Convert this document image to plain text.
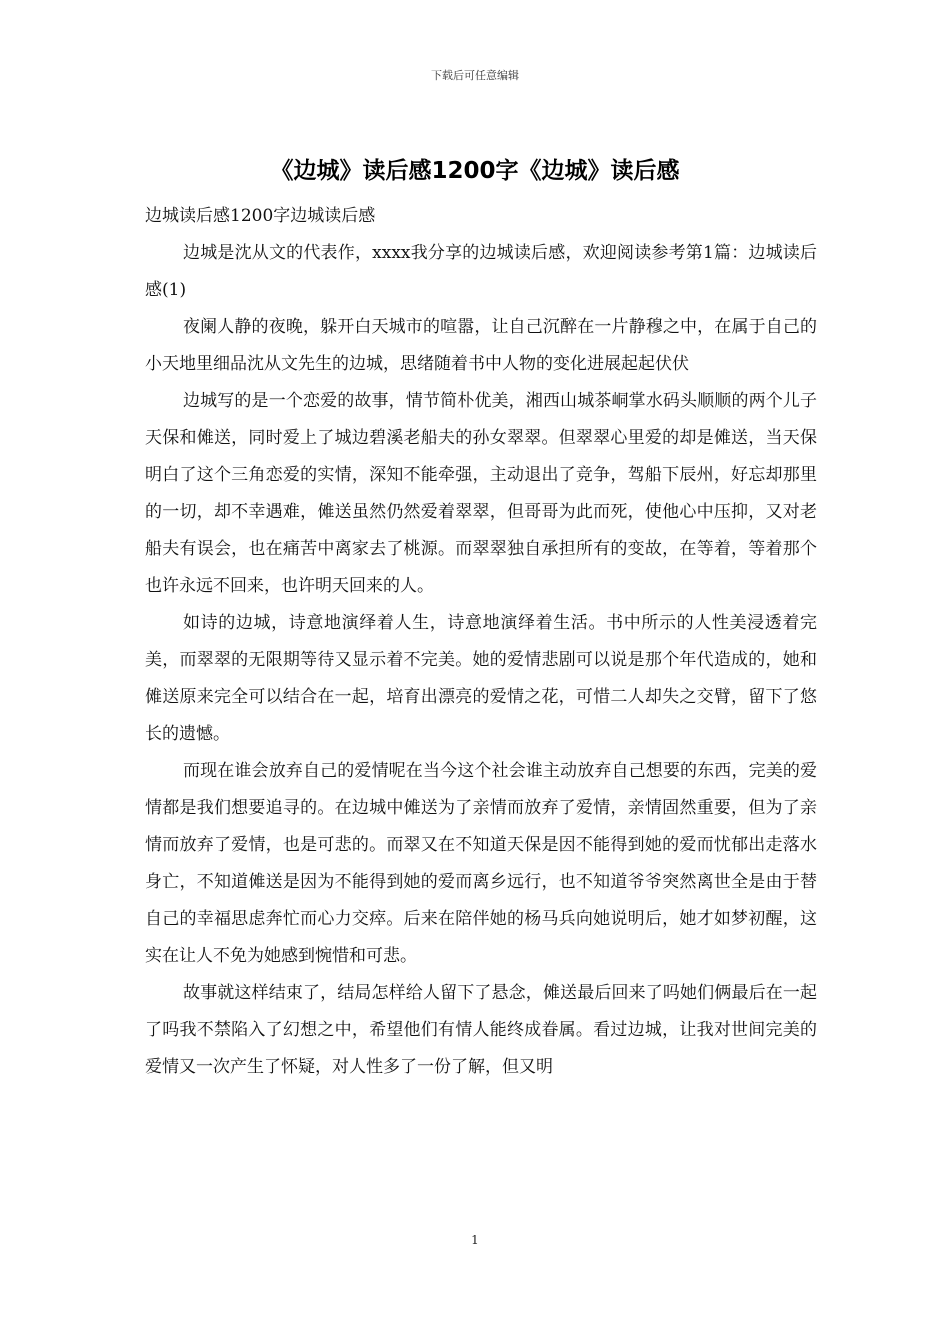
下载后可任意编辑
《边城》读后感1200字《边城》读后感

边城读后感1200字边城读后感

边城是沈从文的代表作，xxxx我分享的边城读后感，欢迎阅读参考第1篇：边城读后感(1)

夜阑人静的夜晚，躲开白天城市的喧嚣，让自己沉醉在一片静穆之中，在属于自己的小天地里细品沈从文先生的边城，思绪随着书中人物的变化进展起起伏伏

边城写的是一个恋爱的故事，情节简朴优美，湘西山城茶峒掌水码头顺顺的两个儿子天保和傩送，同时爱上了城边碧溪老船夫的孙女翠翠。但翠翠心里爱的却是傩送，当天保明白了这个三角恋爱的实情，深知不能牵强，主动退出了竞争，驾船下辰州，好忘却那里的一切，却不幸遇难，傩送虽然仍然爱着翠翠，但哥哥为此而死，使他心中压抑，又对老船夫有误会，也在痛苦中离家去了桃源。而翠翠独自承担所有的变故，在等着，等着那个也许永远不回来，也许明天回来的人。

如诗的边城，诗意地演绎着人生，诗意地演绎着生活。书中所示的人性美浸透着完美，而翠翠的无限期等待又显示着不完美。她的爱情悲剧可以说是那个年代造成的，她和傩送原来完全可以结合在一起，培育出漂亮的爱情之花，可惜二人却失之交臂，留下了悠长的遗憾。

而现在谁会放弃自己的爱情呢在当今这个社会谁主动放弃自己想要的东西，完美的爱情都是我们想要追寻的。在边城中傩送为了亲情而放弃了爱情，亲情固然重要，但为了亲情而放弃了爱情，也是可悲的。而翠又在不知道天保是因不能得到她的爱而忧郁出走落水身亡，不知道傩送是因为不能得到她的爱而离乡远行，也不知道爷爷突然离世全是由于替自己的幸福思虑奔忙而心力交瘁。后来在陪伴她的杨马兵向她说明后，她才如梦初醒，这实在让人不免为她感到惋惜和可悲。

故事就这样结束了，结局怎样给人留下了悬念，傩送最后回来了吗她们俩最后在一起了吗我不禁陷入了幻想之中，希望他们有情人能终成眷属。看过边城，让我对世间完美的爱情又一次产生了怀疑，对人性多了一份了解，但又明

1
